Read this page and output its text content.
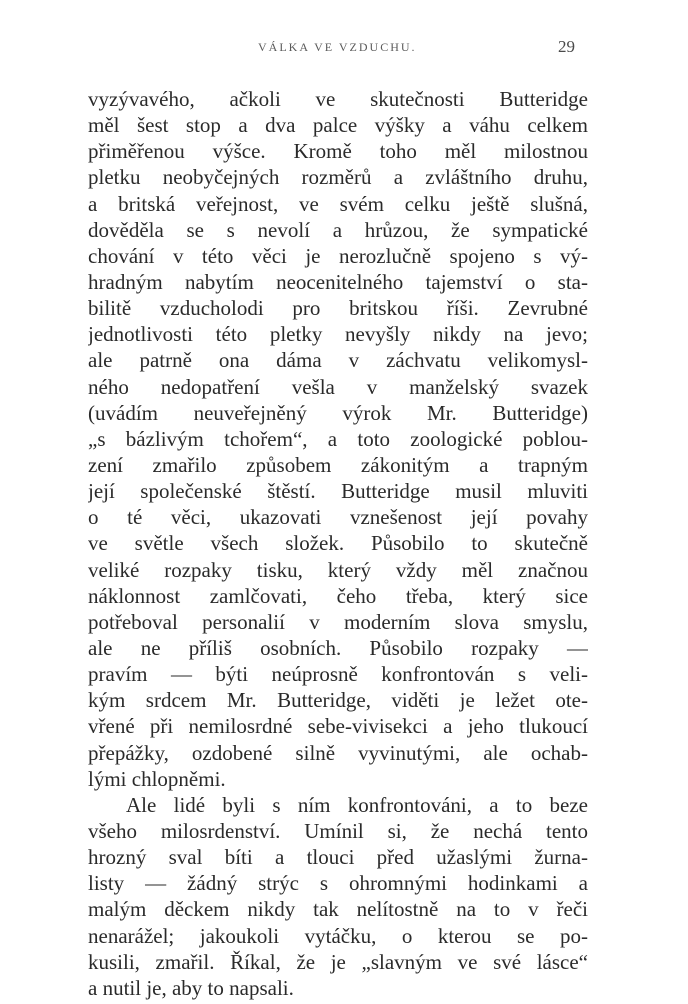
VÁLKA VE VZDUCHU.	29
vyzývavého, ačkoli ve skutečnosti Butteridge
měl šest stop a dva palce výšky a váhu celkem
přiměřenou výšce. Kromě toho měl milostnou
pletku neobyčejných rozměrů a zvláštního druhu,
a britská veřejnost, ve svém celku ještě slušná,
dověděla se s nevolí a hrůzou, že sympatické
chování v této věci je nerozlučně spojeno s vý-
hradným nabytím neocenitelného tajemství o sta-
bilitě vzducholodi pro britskou říši. Zevrubné
jednotlivosti této pletky nevyšly nikdy na jevo;
ale patrně ona dáma v záchvatu velikomysl-
ného nedopatření vešla v manželský svazek
(uvádím neuveřejněný výrok Mr. Butteridge)
„s bázlivým tchořem“, a toto zoologické poblou-
zení zmařilo způsobem zákonitým a trapným
její společenské štěstí. Butteridge musil mluviti
o té věci, ukazovati vznešenost její povahy
ve světle všech složek. Působilo to skutečně
veliké rozpaky tisku, který vždy měl značnou
náklonnost zamlčovati, čeho třeba, který sice
potřeboval personalií v moderním slova smyslu,
ale ne příliš osobních. Působilo rozpaky —
pravím — býti neúprosně konfrontován s veli-
kým srdcem Mr. Butteridge, viděti je ležet ote-
vřené při nemilosrdné sebe-vivisekci a jeho tlukoucí
přepážky, ozdobené silně vyvinutými, ale ochab-
lými chlopněmi.
Ale lidé byli s ním konfrontováni, a to beze
všeho milosrdenství. Umínil si, že nechá tento
hrozný sval bíti a tlouci před užaslými žurna-
listy — žádný strýc s ohromnými hodinkami a
malým děckem nikdy tak nelítostně na to v řeči
nenarážel; jakoukoli vytáčku, o kterou se po-
kusili, zmařil. Říkal, že je „slavným ve své lásce“
a nutil je, aby to napsali.
